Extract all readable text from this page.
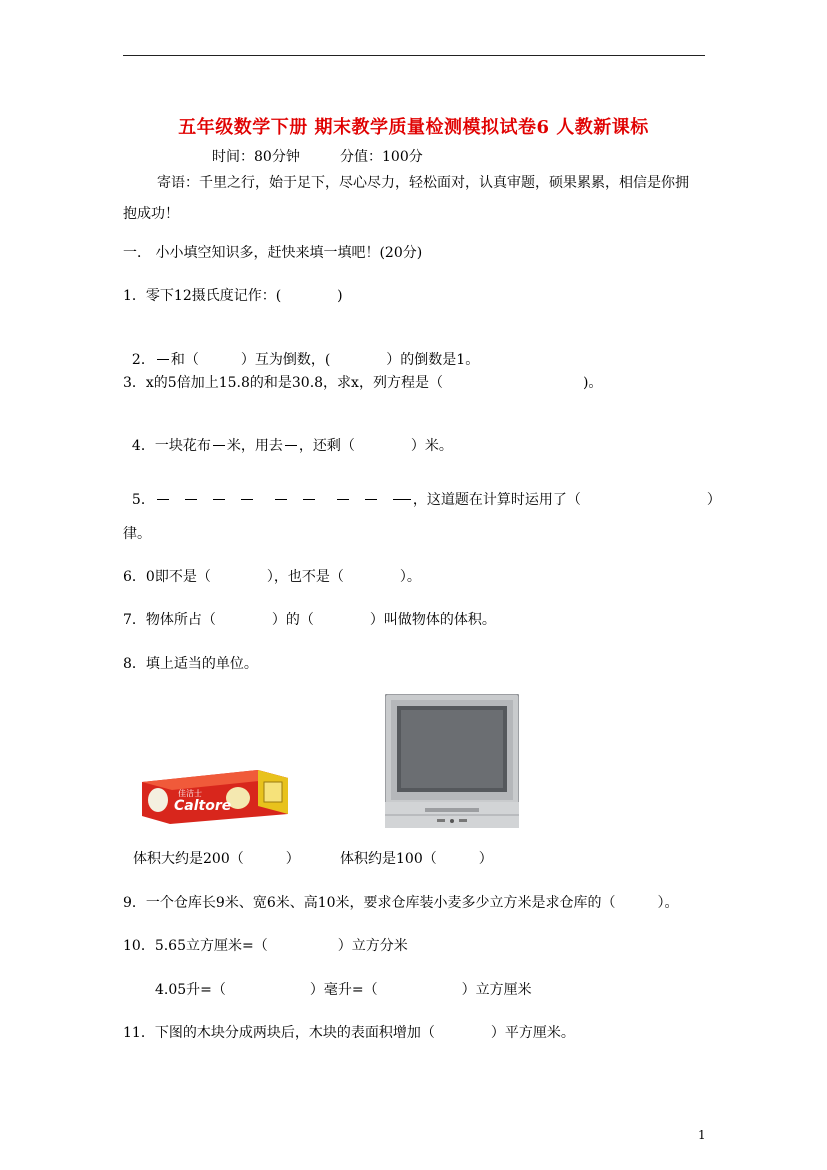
五年级数学下册 期末教学质量检测模拟试卷6 人教新课标
时间：80分钟	分值：100分
寄语：千里之行，始于足下，尽心尽力，轻松面对，认真审题，硕果累累，相信是你拥
抱成功！
一． 小小填空知识多，赶快来填一填吧！(20分)
1．零下12摄氏度记作：(　　　　)

2． 和（　　　）互为倒数，(　　　　）的倒数是1。

3．x的5倍加上15.8的和是30.8，求x，列方程是（　　　　　　　　　　)。

4．一块花布 米，用去 ，还剩（　　　　）米。

5．	，这道题在计算时运用了（　　　　　　　　　）

律。
6．0即不是（　　　　），也不是（　　　　）。
7．物体所占（　　　　）的（　　　　）叫做物体的体积。
8．填上适当的单位。
佳洁士
Caltore
体积大约是200（　　　）	体积约是100（　　　）
9．一个仓库长9米、宽6米、高10米，要求仓库装小麦多少立方米是求仓库的（　　　）。
10．5.65立方厘米=（　　　　　）立方分米
4.05升=（　　　　　　）毫升=（　　　　　　）立方厘米
11．下图的木块分成两块后，木块的表面积增加（　　　　）平方厘米。
1
